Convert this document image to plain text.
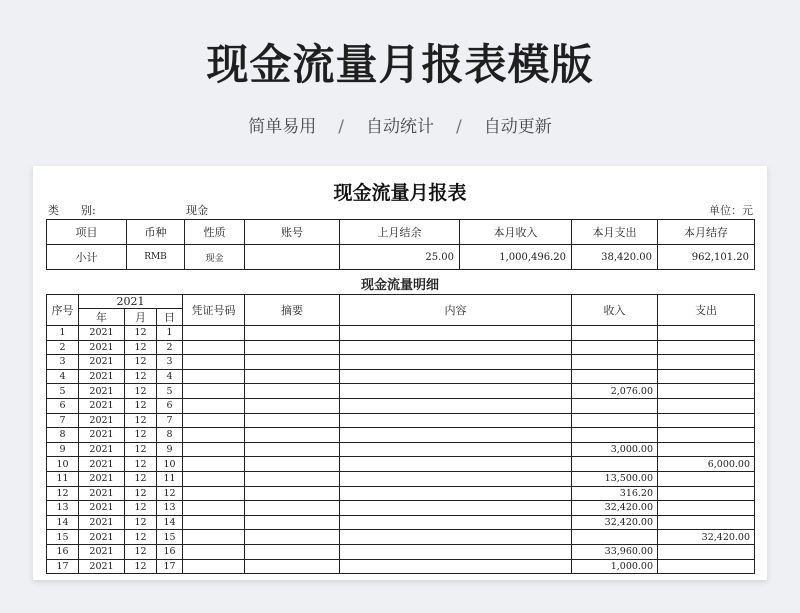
现金流量月报表模版
简单易用 / 自动统计 / 自动更新
现金流量月报表
类　　别:	现金	单位：元
项目	币种	性质	账号	上月结余	本月收入	本月支出	本月结存
小计	RMB	现金		25.00	1,000,496.20	38,420.00	962,101.20
现金流量明细
序号	2021			凭证号码	摘要	内容	收入	支出
	年	月	日					
1	2021	12	1					
2	2021	12	2					
3	2021	12	3					
4	2021	12	4					
5	2021	12	5				2,076.00	
6	2021	12	6					
7	2021	12	7					
8	2021	12	8					
9	2021	12	9				3,000.00	
10	2021	12	10					6,000.00
11	2021	12	11				13,500.00	
12	2021	12	12				316.20	
13	2021	12	13				32,420.00	
14	2021	12	14				32,420.00	
15	2021	12	15					32,420.00
16	2021	12	16				33,960.00	
17	2021	12	17				1,000.00	
